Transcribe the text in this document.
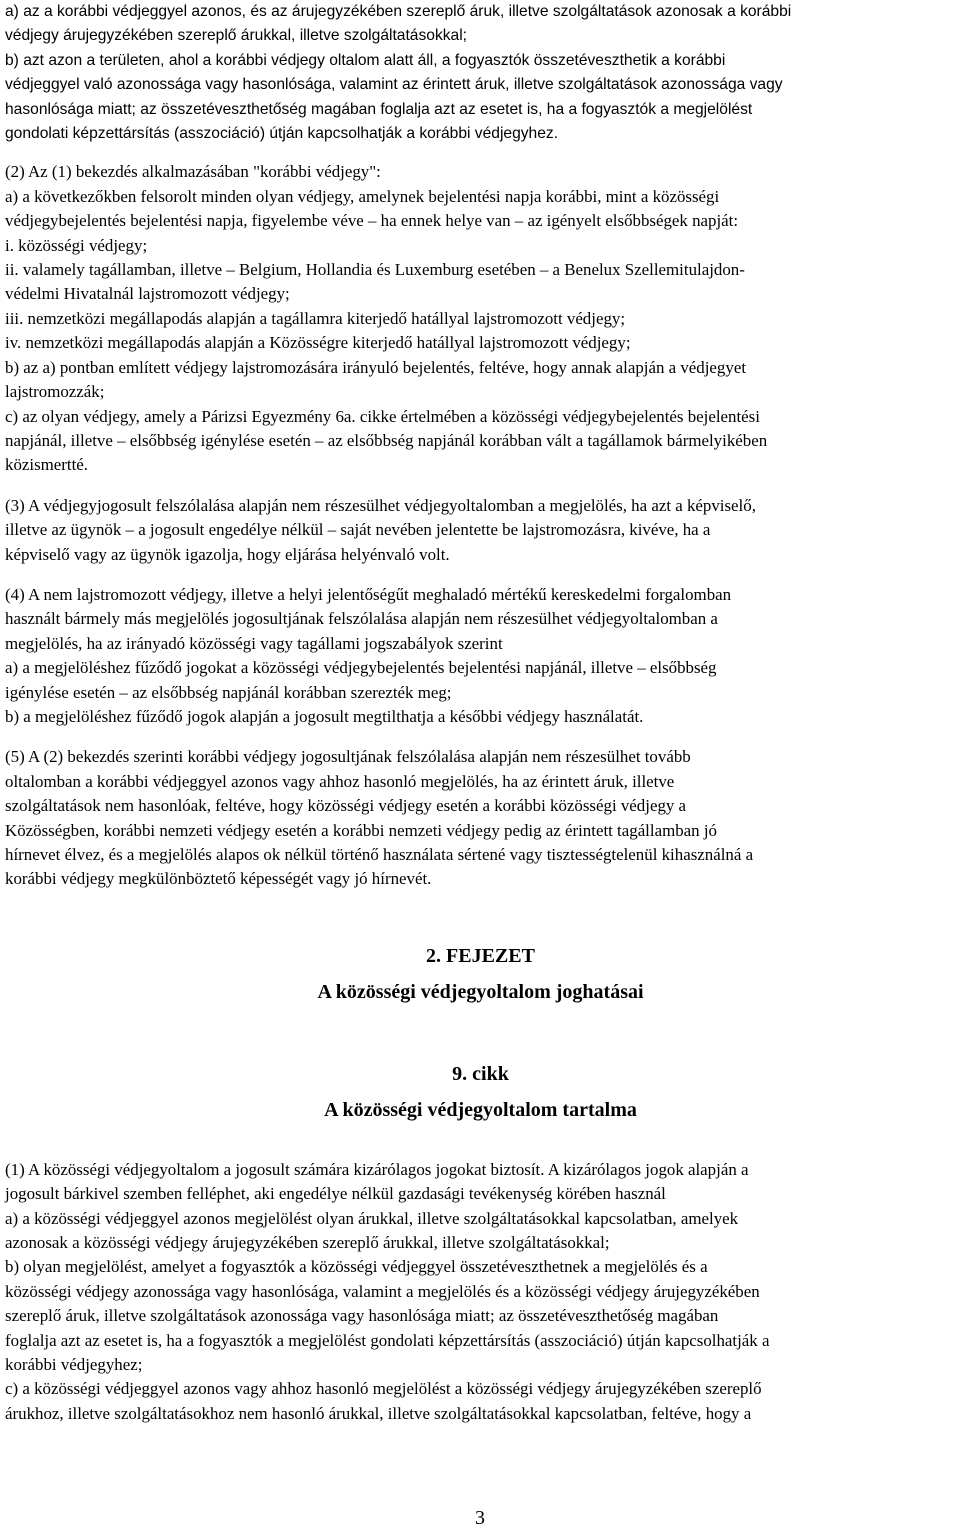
a) az a korábbi védjeggyel azonos, és az árujegyzékében szereplő áruk, illetve szolgáltatások azonosak a korábbi
védjegy árujegyzékében szereplő árukkal, illetve szolgáltatásokkal;
b) azt azon a területen, ahol a korábbi védjegy oltalom alatt áll, a fogyasztók összetéveszthetik a korábbi
védjeggyel való azonossága vagy hasonlósága, valamint az érintett áruk, illetve szolgáltatások azonossága vagy
hasonlósága miatt; az összetéveszthetőség magában foglalja azt az esetet is, ha a fogyasztók a megjelölést
gondolati képzettársítás (asszociáció) útján kapcsolhatják a korábbi védjegyhez.
(2) Az (1) bekezdés alkalmazásában "korábbi védjegy":
a) a következőkben felsorolt minden olyan védjegy, amelynek bejelentési napja korábbi, mint a közösségi
védjegybejelentés bejelentési napja, figyelembe véve – ha ennek helye van – az igényelt elsőbbségek napját:
i. közösségi védjegy;
ii. valamely tagállamban, illetve – Belgium, Hollandia és Luxemburg esetében – a Benelux Szellemitulajdon-
védelmi Hivatalnál lajstromozott védjegy;
iii. nemzetközi megállapodás alapján a tagállamra kiterjedő hatállyal lajstromozott védjegy;
iv. nemzetközi megállapodás alapján a Közösségre kiterjedő hatállyal lajstromozott védjegy;
b) az a) pontban említett védjegy lajstromozására irányuló bejelentés, feltéve, hogy annak alapján a védjegyet
lajstromozzák;
c) az olyan védjegy, amely a Párizsi Egyezmény 6a. cikke értelmében a közösségi védjegybejelentés bejelentési
napjánál, illetve – elsőbbség igénylése esetén – az elsőbbség napjánál korábban vált a tagállamok bármelyikében
közismertté.
(3) A védjegyjogosult felszólalása alapján nem részesülhet védjegyoltalomban a megjelölés, ha azt a képviselő,
illetve az ügynök – a jogosult engedélye nélkül – saját nevében jelentette be lajstromozásra, kivéve, ha a
képviselő vagy az ügynök igazolja, hogy eljárása helyénvaló volt.
(4) A nem lajstromozott védjegy, illetve a helyi jelentőségűt meghaladó mértékű kereskedelmi forgalomban
használt bármely más megjelölés jogosultjának felszólalása alapján nem részesülhet védjegyoltalomban a
megjelölés, ha az irányadó közösségi vagy tagállami jogszabályok szerint
a) a megjelöléshez fűződő jogokat a közösségi védjegybejelentés bejelentési napjánál, illetve – elsőbbség
igénylése esetén – az elsőbbség napjánál korábban szerezték meg;
b) a megjelöléshez fűződő jogok alapján a jogosult megtilthatja a későbbi védjegy használatát.
(5) A (2) bekezdés szerinti korábbi védjegy jogosultjának felszólalása alapján nem részesülhet tovább
oltalomban a korábbi védjeggyel azonos vagy ahhoz hasonló megjelölés, ha az érintett áruk, illetve
szolgáltatások nem hasonlóak, feltéve, hogy közösségi védjegy esetén a korábbi közösségi védjegy a
Közösségben, korábbi nemzeti védjegy esetén a korábbi nemzeti védjegy pedig az érintett tagállamban jó
hírnevet élvez, és a megjelölés alapos ok nélkül történő használata sértené vagy tisztességtelenül kihasználná a
korábbi védjegy megkülönböztető képességét vagy jó hírnevét.
2. FEJEZET
A közösségi védjegyoltalom joghatásai
9. cikk
A közösségi védjegyoltalom tartalma
(1) A közösségi védjegyoltalom a jogosult számára kizárólagos jogokat biztosít. A kizárólagos jogok alapján a
jogosult bárkivel szemben felléphet, aki engedélye nélkül gazdasági tevékenység körében használ
a) a közösségi védjeggyel azonos megjelölést olyan árukkal, illetve szolgáltatásokkal kapcsolatban, amelyek
azonosak a közösségi védjegy árujegyzékében szereplő árukkal, illetve szolgáltatásokkal;
b) olyan megjelölést, amelyet a fogyasztók a közösségi védjeggyel összetéveszthetnek a megjelölés és a
közösségi védjegy azonossága vagy hasonlósága, valamint a megjelölés és a közösségi védjegy árujegyzékében
szereplő áruk, illetve szolgáltatások azonossága vagy hasonlósága miatt; az összetéveszthetőség magában
foglalja azt az esetet is, ha a fogyasztók a megjelölést gondolati képzettársítás (asszociáció) útján kapcsolhatják a
korábbi védjegyhez;
c) a közösségi védjeggyel azonos vagy ahhoz hasonló megjelölést a közösségi védjegy árujegyzékében szereplő
árukhoz, illetve szolgáltatásokhoz nem hasonló árukkal, illetve szolgáltatásokkal kapcsolatban, feltéve, hogy a
3
